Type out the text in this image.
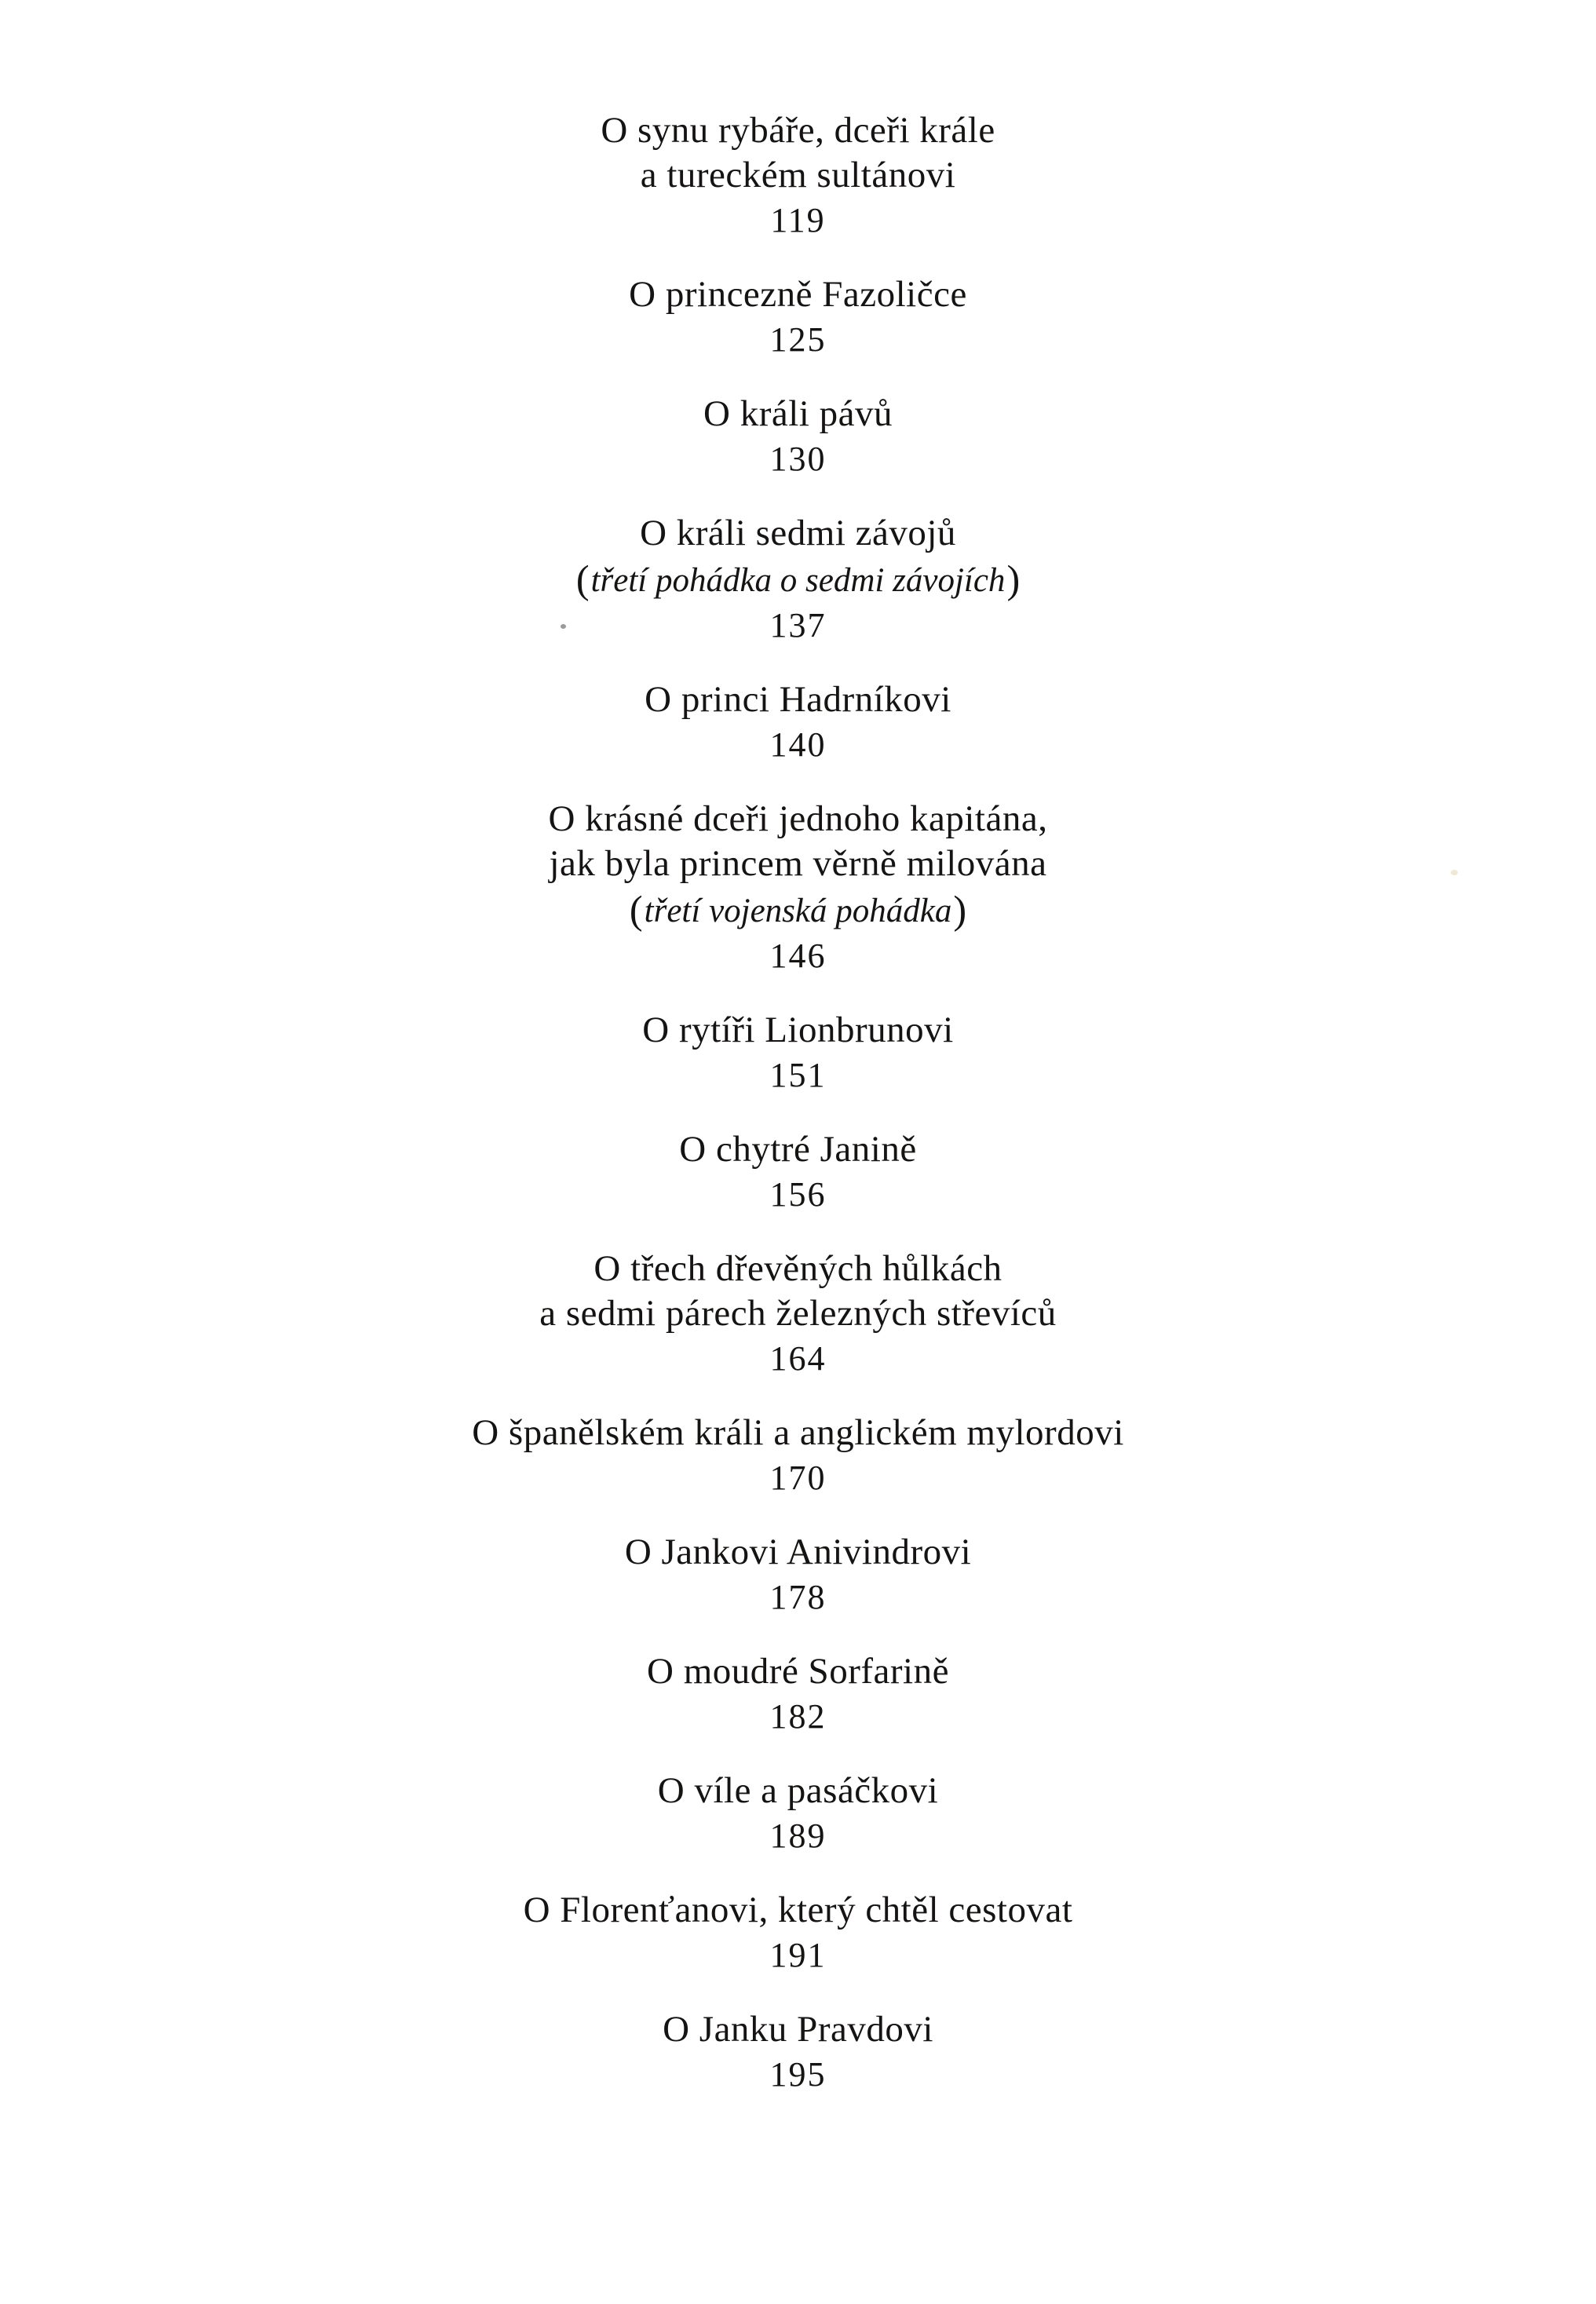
O synu rybáře, dceři krále
a tureckém sultánovi
119
O princezně Fazoličce
125
O králi pávů
130
O králi sedmi závojů
(třetí pohádka o sedmi závojích)
137
O princi Hadrníkovi
140
O krásné dceři jednoho kapitána,
jak byla princem věrně milována
(třetí vojenská pohádka)
146
O rytíři Lionbrunovi
151
O chytré Janině
156
O třech dřevěných hůlkách
a sedmi párech železných střevíců
164
O španělském králi a anglickém mylordovi
170
O Jankovi Anivindrovi
178
O moudré Sorfarině
182
O víle a pasáčkovi
189
O Florenťanovi, který chtěl cestovat
191
O Janku Pravdovi
195
